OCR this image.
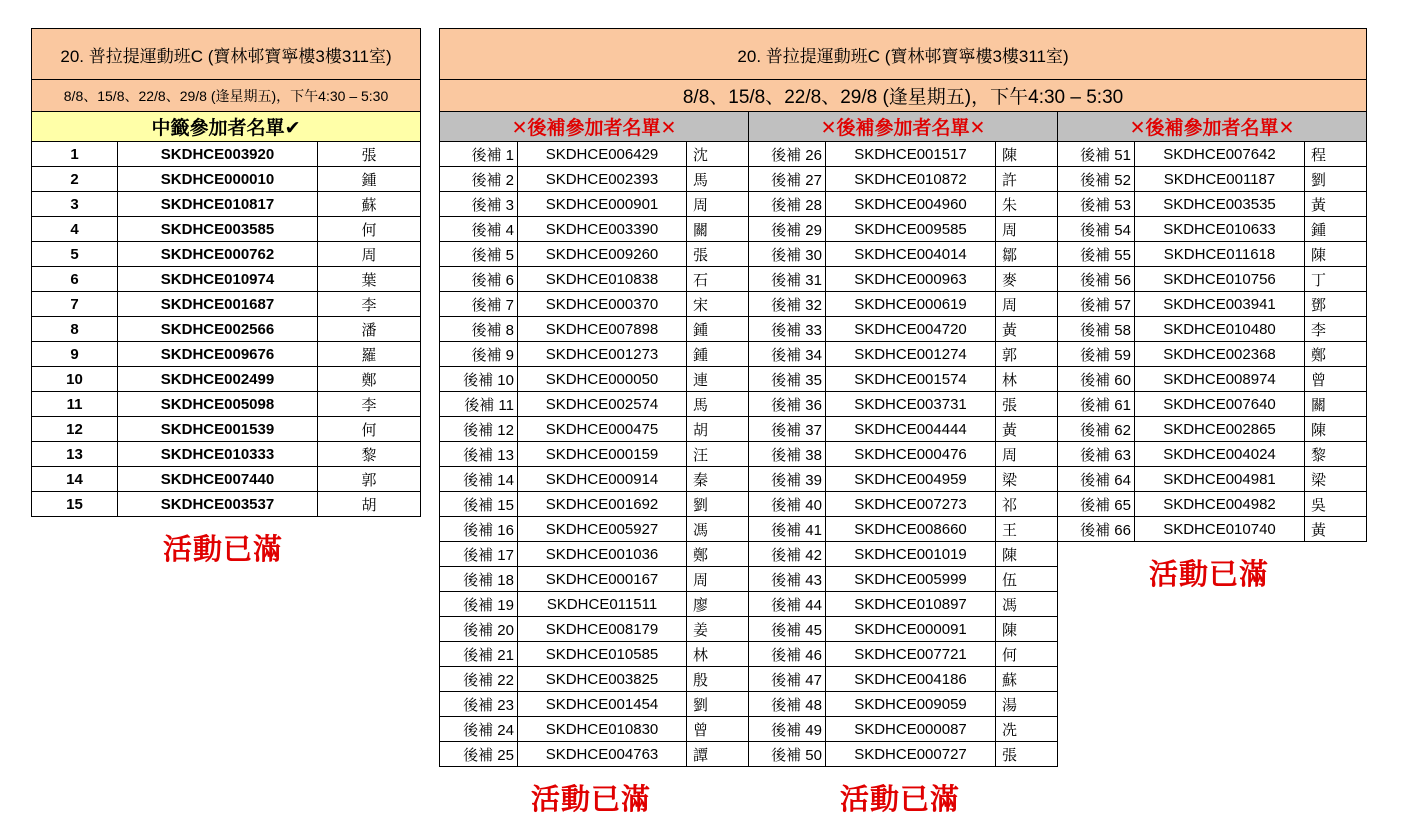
20. 普拉提運動班C (寶林邨寶寧樓3樓311室)		
8/8、15/8、22/8、29/8 (逢星期五)，下午4:30 – 5:30		
中籤參加者名單✔		
1	SKDHCE003920	張
2	SKDHCE000010	鍾
3	SKDHCE010817	蘇
4	SKDHCE003585	何
5	SKDHCE000762	周
6	SKDHCE010974	葉
7	SKDHCE001687	李
8	SKDHCE002566	潘
9	SKDHCE009676	羅
10	SKDHCE002499	鄭
11	SKDHCE005098	李
12	SKDHCE001539	何
13	SKDHCE010333	黎
14	SKDHCE007440	郭
15	SKDHCE003537	胡
活動已滿
20. 普拉提運動班C (寶林邨寶寧樓3樓311室)								
8/8、15/8、22/8、29/8 (逢星期五)，下午4:30 – 5:30								
✕後補參加者名單✕			✕後補參加者名單✕			✕後補參加者名單✕		
後補 1	SKDHCE006429	沈	後補 26	SKDHCE001517	陳	後補 51	SKDHCE007642	程
後補 2	SKDHCE002393	馬	後補 27	SKDHCE010872	許	後補 52	SKDHCE001187	劉
後補 3	SKDHCE000901	周	後補 28	SKDHCE004960	朱	後補 53	SKDHCE003535	黃
後補 4	SKDHCE003390	關	後補 29	SKDHCE009585	周	後補 54	SKDHCE010633	鍾
後補 5	SKDHCE009260	張	後補 30	SKDHCE004014	鄒	後補 55	SKDHCE011618	陳
後補 6	SKDHCE010838	石	後補 31	SKDHCE000963	麥	後補 56	SKDHCE010756	丁
後補 7	SKDHCE000370	宋	後補 32	SKDHCE000619	周	後補 57	SKDHCE003941	鄧
後補 8	SKDHCE007898	鍾	後補 33	SKDHCE004720	黃	後補 58	SKDHCE010480	李
後補 9	SKDHCE001273	鍾	後補 34	SKDHCE001274	郭	後補 59	SKDHCE002368	鄭
後補 10	SKDHCE000050	連	後補 35	SKDHCE001574	林	後補 60	SKDHCE008974	曾
後補 11	SKDHCE002574	馬	後補 36	SKDHCE003731	張	後補 61	SKDHCE007640	關
後補 12	SKDHCE000475	胡	後補 37	SKDHCE004444	黃	後補 62	SKDHCE002865	陳
後補 13	SKDHCE000159	汪	後補 38	SKDHCE000476	周	後補 63	SKDHCE004024	黎
後補 14	SKDHCE000914	秦	後補 39	SKDHCE004959	梁	後補 64	SKDHCE004981	梁
後補 15	SKDHCE001692	劉	後補 40	SKDHCE007273	祁	後補 65	SKDHCE004982	吳
後補 16	SKDHCE005927	馮	後補 41	SKDHCE008660	王	後補 66	SKDHCE010740	黃
後補 17	SKDHCE001036	鄭	後補 42	SKDHCE001019	陳			
後補 18	SKDHCE000167	周	後補 43	SKDHCE005999	伍			
後補 19	SKDHCE011511	廖	後補 44	SKDHCE010897	馮			
後補 20	SKDHCE008179	姜	後補 45	SKDHCE000091	陳			
後補 21	SKDHCE010585	林	後補 46	SKDHCE007721	何			
後補 22	SKDHCE003825	殷	後補 47	SKDHCE004186	蘇			
後補 23	SKDHCE001454	劉	後補 48	SKDHCE009059	湯			
後補 24	SKDHCE010830	曾	後補 49	SKDHCE000087	冼			
後補 25	SKDHCE004763	譚	後補 50	SKDHCE000727	張			
活動已滿	活動已滿
活動已滿
